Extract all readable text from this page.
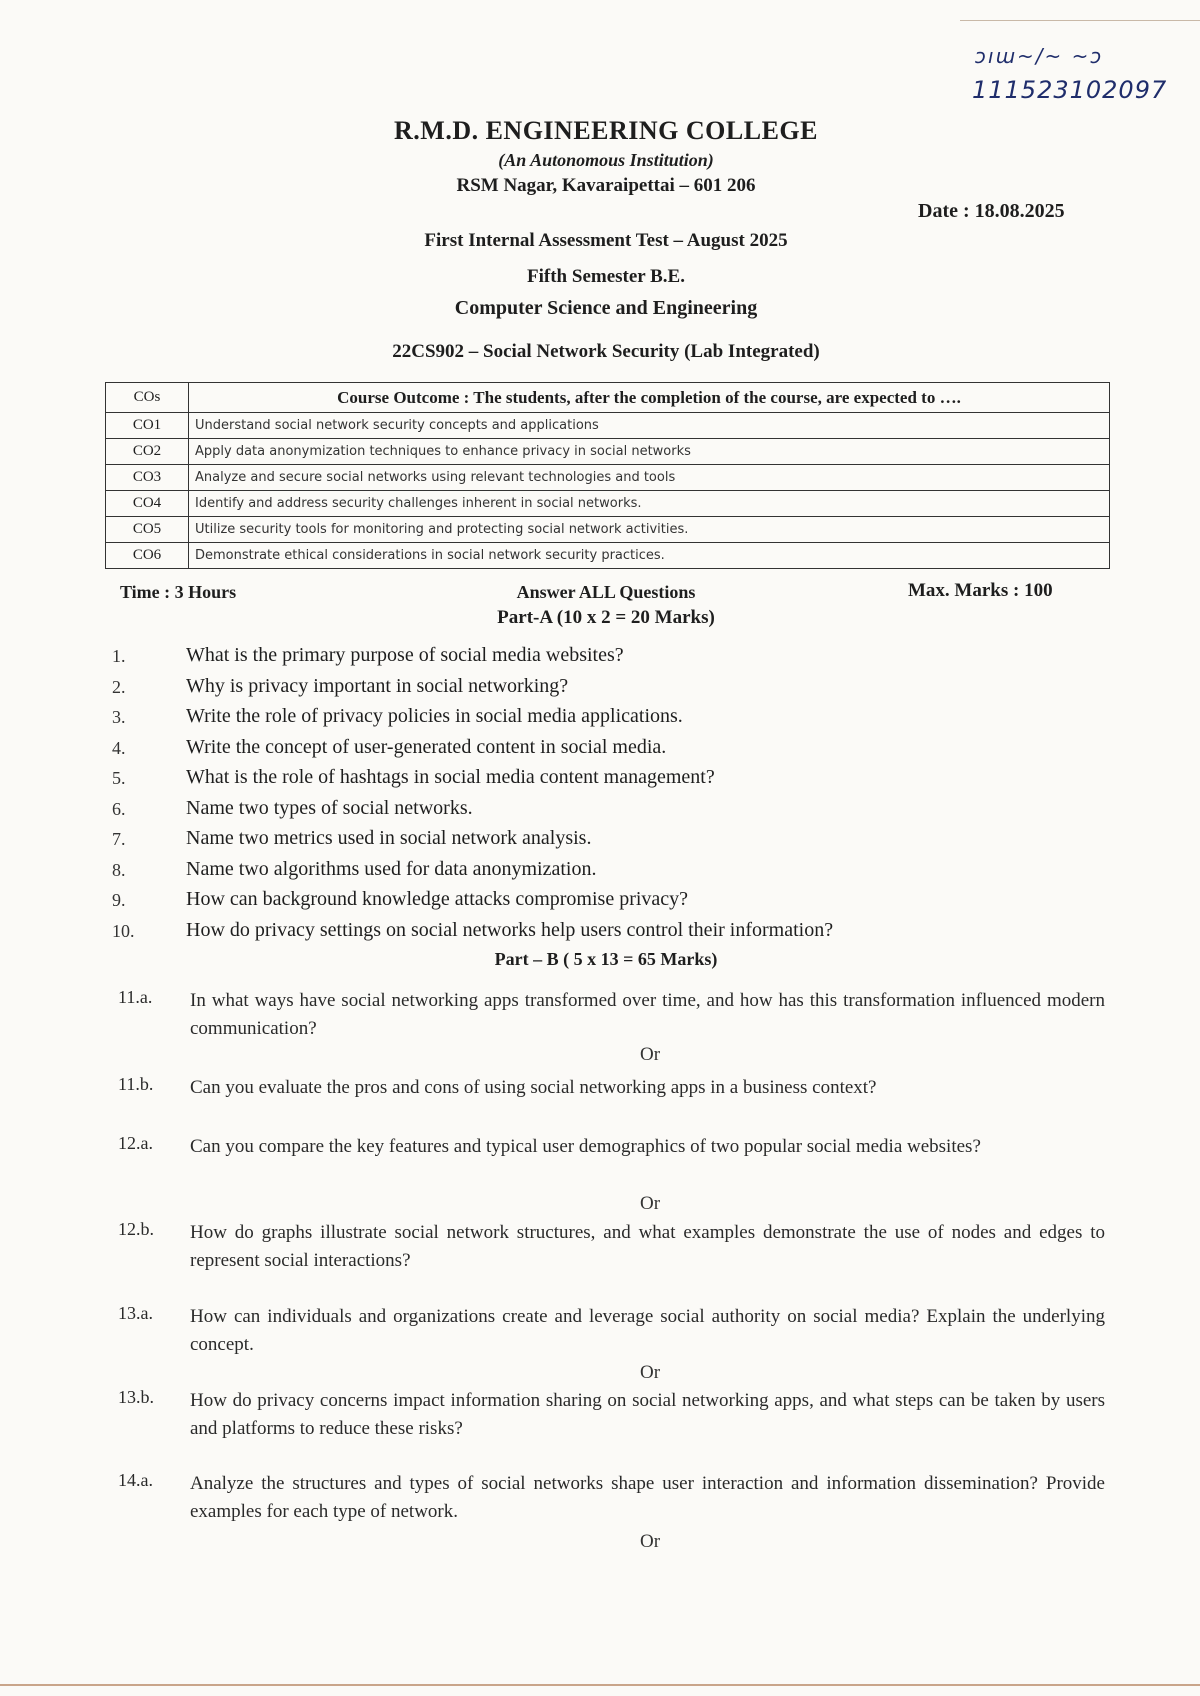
ɔıɯ~/~ ~ɔ
111523102097
R.M.D. ENGINEERING COLLEGE
(An Autonomous Institution)
RSM Nagar, Kavaraipettai – 601 206
Date : 18.08.2025
First Internal Assessment Test – August 2025
Fifth Semester B.E.
Computer Science and Engineering
22CS902 – Social Network Security (Lab Integrated)
COs	Course Outcome : The students, after the completion of the course, are expected to ….
CO1	Understand social network security concepts and applications
CO2	Apply data anonymization techniques to enhance privacy in social networks
CO3	Analyze and secure social networks using relevant technologies and tools
CO4	Identify and address security challenges inherent in social networks.
CO5	Utilize security tools for monitoring and protecting social network activities.
CO6	Demonstrate ethical considerations in social network security practices.
Time : 3 Hours	Answer ALL Questions	Max. Marks : 100
Part-A (10 x 2 = 20 Marks)
1.	What is the primary purpose of social media websites?
2.	Why is privacy important in social networking?
3.	Write the role of privacy policies in social media applications.
4.	Write the concept of user-generated content in social media.
5.	What is the role of hashtags in social media content management?
6.	Name two types of social networks.
7.	Name two metrics used in social network analysis.
8.	Name two algorithms used for data anonymization.
9.	How can background knowledge attacks compromise privacy?
10.	How do privacy settings on social networks help users control their information?
Part – B ( 5 x 13 = 65 Marks)
11.a. In what ways have social networking apps transformed over time, and how has this transformation influenced modern communication?
Or
11.b. Can you evaluate the pros and cons of using social networking apps in a business context?
12.a. Can you compare the key features and typical user demographics of two popular social media websites?
Or
12.b. How do graphs illustrate social network structures, and what examples demonstrate the use of nodes and edges to represent social interactions?
13.a. How can individuals and organizations create and leverage social authority on social media? Explain the underlying concept.
Or
13.b. How do privacy concerns impact information sharing on social networking apps, and what steps can be taken by users and platforms to reduce these risks?
14.a. Analyze the structures and types of social networks shape user interaction and information dissemination? Provide examples for each type of network.
Or
